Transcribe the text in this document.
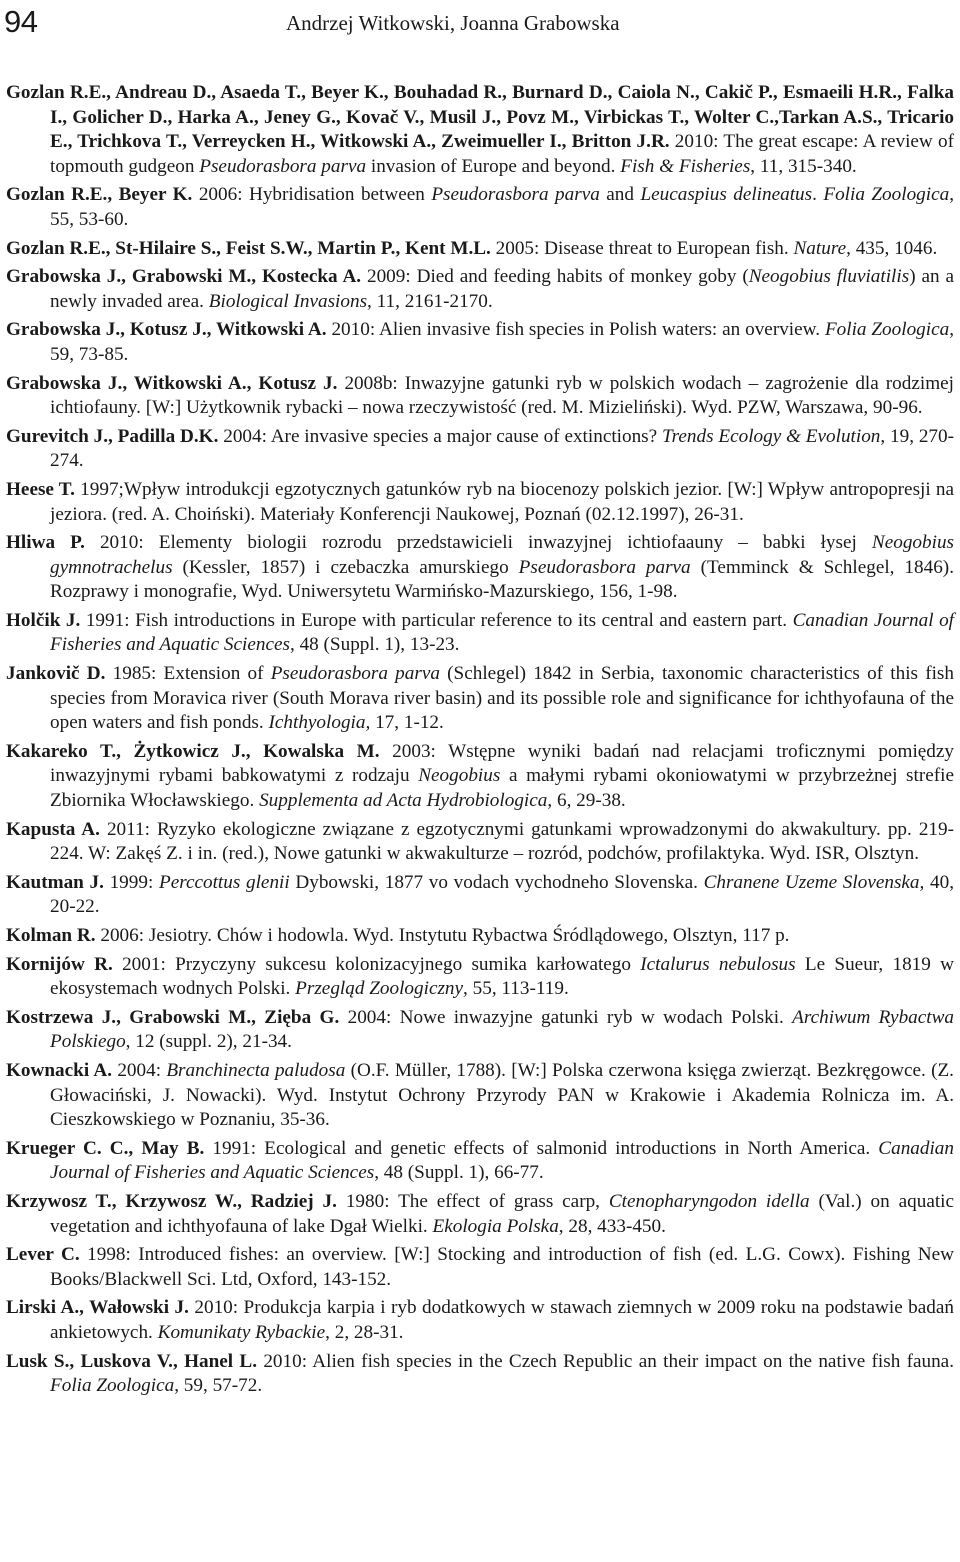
94	Andrzej Witkowski, Joanna Grabowska

Gozlan R.E., Andreau D., Asaeda T., Beyer K., Bouhadad R., Burnard D., Caiola N., Cakič P., Esmaeili H.R., Falka I., Golicher D., Harka A., Jeney G., Kovač V., Musil J., Povz M., Virbickas T., Wolter C.,Tarkan A.S., Tricario E., Trichkova T., Verreycken H., Witkowski A., Zweimueller I., Britton J.R. 2010: The great escape: A review of topmouth gudgeon Pseudorasbora parva invasion of Europe and beyond. Fish & Fisheries, 11, 315-340.

Gozlan R.E., Beyer K. 2006: Hybridisation between Pseudorasbora parva and Leucaspius delineatus. Folia Zoologica, 55, 53-60.

Gozlan R.E., St-Hilaire S., Feist S.W., Martin P., Kent M.L. 2005: Disease threat to European fish. Nature, 435, 1046.

Grabowska J., Grabowski M., Kostecka A. 2009: Died and feeding habits of monkey goby (Neogobius fluviatilis) an a newly invaded area. Biological Invasions, 11, 2161-2170.

Grabowska J., Kotusz J., Witkowski A. 2010: Alien invasive fish species in Polish waters: an overview. Folia Zoologica, 59, 73-85.

Grabowska J., Witkowski A., Kotusz J. 2008b: Inwazyjne gatunki ryb w polskich wodach – zagrożenie dla rodzimej ichtiofauny. [W:] Użytkownik rybacki – nowa rzeczywistość (red. M. Mizieliński). Wyd. PZW, Warszawa, 90-96.

Gurevitch J., Padilla D.K. 2004: Are invasive species a major cause of extinctions? Trends Ecology & Evolution, 19, 270-274.

Heese T. 1997;Wpływ introdukcji egzotycznych gatunków ryb na biocenozy polskich jezior. [W:] Wpływ antropopresji na jeziora. (red. A. Choiński). Materiały Konferencji Naukowej, Poznań (02.12.1997), 26-31.

Hliwa P. 2010: Elementy biologii rozrodu przedstawicieli inwazyjnej ichtiofaauny – babki łysej Neogobius gymnotrachelus (Kessler, 1857) i czebaczka amurskiego Pseudorasbora parva (Temminck & Schlegel, 1846). Rozprawy i monografie, Wyd. Uniwersytetu Warmińsko-Mazurskiego, 156, 1-98.

Holčik J. 1991: Fish introductions in Europe with particular reference to its central and eastern part. Canadian Journal of Fisheries and Aquatic Sciences, 48 (Suppl. 1), 13-23.

Jankovič D. 1985: Extension of Pseudorasbora parva (Schlegel) 1842 in Serbia, taxonomic characteristics of this fish species from Moravica river (South Morava river basin) and its possible role and significance for ichthyofauna of the open waters and fish ponds. Ichthyologia, 17, 1-12.

Kakareko T., Żytkowicz J., Kowalska M. 2003: Wstępne wyniki badań nad relacjami troficznymi pomiędzy inwazyjnymi rybami babkowatymi z rodzaju Neogobius a małymi rybami okoniowatymi w przybrzeżnej strefie Zbiornika Włocławskiego. Supplementa ad Acta Hydrobiologica, 6, 29-38.

Kapusta A. 2011: Ryzyko ekologiczne związane z egzotycznymi gatunkami wprowadzonymi do akwakultury. pp. 219-224. W: Zakęś Z. i in. (red.), Nowe gatunki w akwakulturze – rozród, podchów, profilaktyka. Wyd. ISR, Olsztyn.

Kautman J. 1999: Perccottus glenii Dybowski, 1877 vo vodach vychodneho Slovenska. Chranene Uzeme Slovenska, 40, 20-22.

Kolman R. 2006: Jesiotry. Chów i hodowla. Wyd. Instytutu Rybactwa Śródlądowego, Olsztyn, 117 p.

Kornijów R. 2001: Przyczyny sukcesu kolonizacyjnego sumika karłowatego Ictalurus nebulosus Le Sueur, 1819 w ekosystemach wodnych Polski. Przegląd Zoologiczny, 55, 113-119.

Kostrzewa J., Grabowski M., Zięba G. 2004: Nowe inwazyjne gatunki ryb w wodach Polski. Archiwum Rybactwa Polskiego, 12 (suppl. 2), 21-34.

Kownacki A. 2004: Branchinecta paludosa (O.F. Müller, 1788). [W:] Polska czerwona księga zwierząt. Bezkręgowce. (Z. Głowaciński, J. Nowacki). Wyd. Instytut Ochrony Przyrody PAN w Krakowie i Akademia Rolnicza im. A. Cieszkowskiego w Poznaniu, 35-36.

Krueger C. C., May B. 1991: Ecological and genetic effects of salmonid introductions in North America. Canadian Journal of Fisheries and Aquatic Sciences, 48 (Suppl. 1), 66-77.

Krzywosz T., Krzywosz W., Radziej J. 1980: The effect of grass carp, Ctenopharyngodon idella (Val.) on aquatic vegetation and ichthyofauna of lake Dgał Wielki. Ekologia Polska, 28, 433-450.

Lever C. 1998: Introduced fishes: an overview. [W:] Stocking and introduction of fish (ed. L.G. Cowx). Fishing New Books/Blackwell Sci. Ltd, Oxford, 143-152.

Lirski A., Wałowski J. 2010: Produkcja karpia i ryb dodatkowych w stawach ziemnych w 2009 roku na podstawie badań ankietowych. Komunikaty Rybackie, 2, 28-31.

Lusk S., Luskova V., Hanel L. 2010: Alien fish species in the Czech Republic an their impact on the native fish fauna. Folia Zoologica, 59, 57-72.
